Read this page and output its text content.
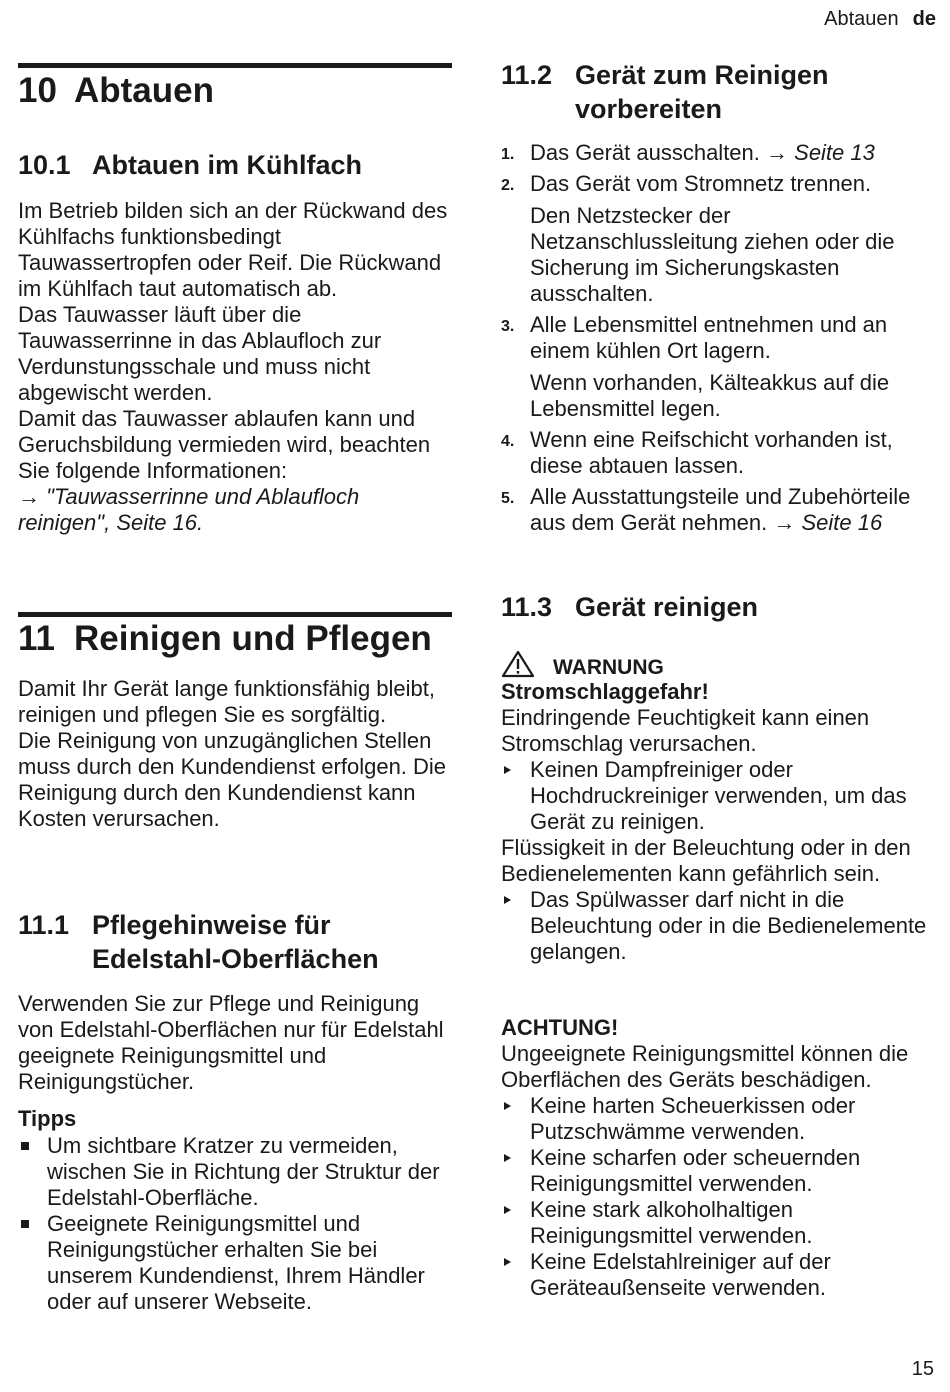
Abtauen de
10 Abtauen
10.1 Abtauen im Kühlfach
Im Betrieb bilden sich an der Rückwand des Kühlfachs funktionsbedingt Tauwassertropfen oder Reif. Die Rückwand im Kühlfach taut automatisch ab.
Das Tauwasser läuft über die Tauwasserrinne in das Ablaufloch zur Verdunstungsschale und muss nicht abgewischt werden.
Damit das Tauwasser ablaufen kann und Geruchsbildung vermieden wird, beachten Sie folgende Informationen:
→ "Tauwasserrinne und Ablaufloch reinigen", Seite 16.
11 Reinigen und Pflegen
Damit Ihr Gerät lange funktionsfähig bleibt, reinigen und pflegen Sie es sorgfältig.
Die Reinigung von unzugänglichen Stellen muss durch den Kundendienst erfolgen. Die Reinigung durch den Kundendienst kann Kosten verursachen.
11.1 Pflegehinweise für Edelstahl-Oberflächen
Verwenden Sie zur Pflege und Reinigung von Edelstahl-Oberflächen nur für Edelstahl geeignete Reinigungsmittel und Reinigungstücher.
Tipps
Um sichtbare Kratzer zu vermeiden, wischen Sie in Richtung der Struktur der Edelstahl-Oberfläche.
Geeignete Reinigungsmittel und Reinigungstücher erhalten Sie bei unserem Kundendienst, Ihrem Händler oder auf unserer Webseite.
11.2 Gerät zum Reinigen vorbereiten
1. Das Gerät ausschalten. → Seite 13
2. Das Gerät vom Stromnetz trennen.
Den Netzstecker der Netzanschlussleitung ziehen oder die Sicherung im Sicherungskasten ausschalten.
3. Alle Lebensmittel entnehmen und an einem kühlen Ort lagern.
Wenn vorhanden, Kälteakkus auf die Lebensmittel legen.
4. Wenn eine Reifschicht vorhanden ist, diese abtauen lassen.
5. Alle Ausstattungsteile und Zubehörteile aus dem Gerät nehmen. → Seite 16
11.3 Gerät reinigen
WARNUNG
Stromschlaggefahr!
Eindringende Feuchtigkeit kann einen Stromschlag verursachen.
Keinen Dampfreiniger oder Hochdruckreiniger verwenden, um das Gerät zu reinigen.
Flüssigkeit in der Beleuchtung oder in den Bedienelementen kann gefährlich sein.
Das Spülwasser darf nicht in die Beleuchtung oder in die Bedienelemente gelangen.
ACHTUNG!
Ungeeignete Reinigungsmittel können die Oberflächen des Geräts beschädigen.
Keine harten Scheuerkissen oder Putzschwämme verwenden.
Keine scharfen oder scheuernden Reinigungsmittel verwenden.
Keine stark alkoholhaltigen Reinigungsmittel verwenden.
Keine Edelstahlreiniger auf der Geräteaußenseite verwenden.
15
